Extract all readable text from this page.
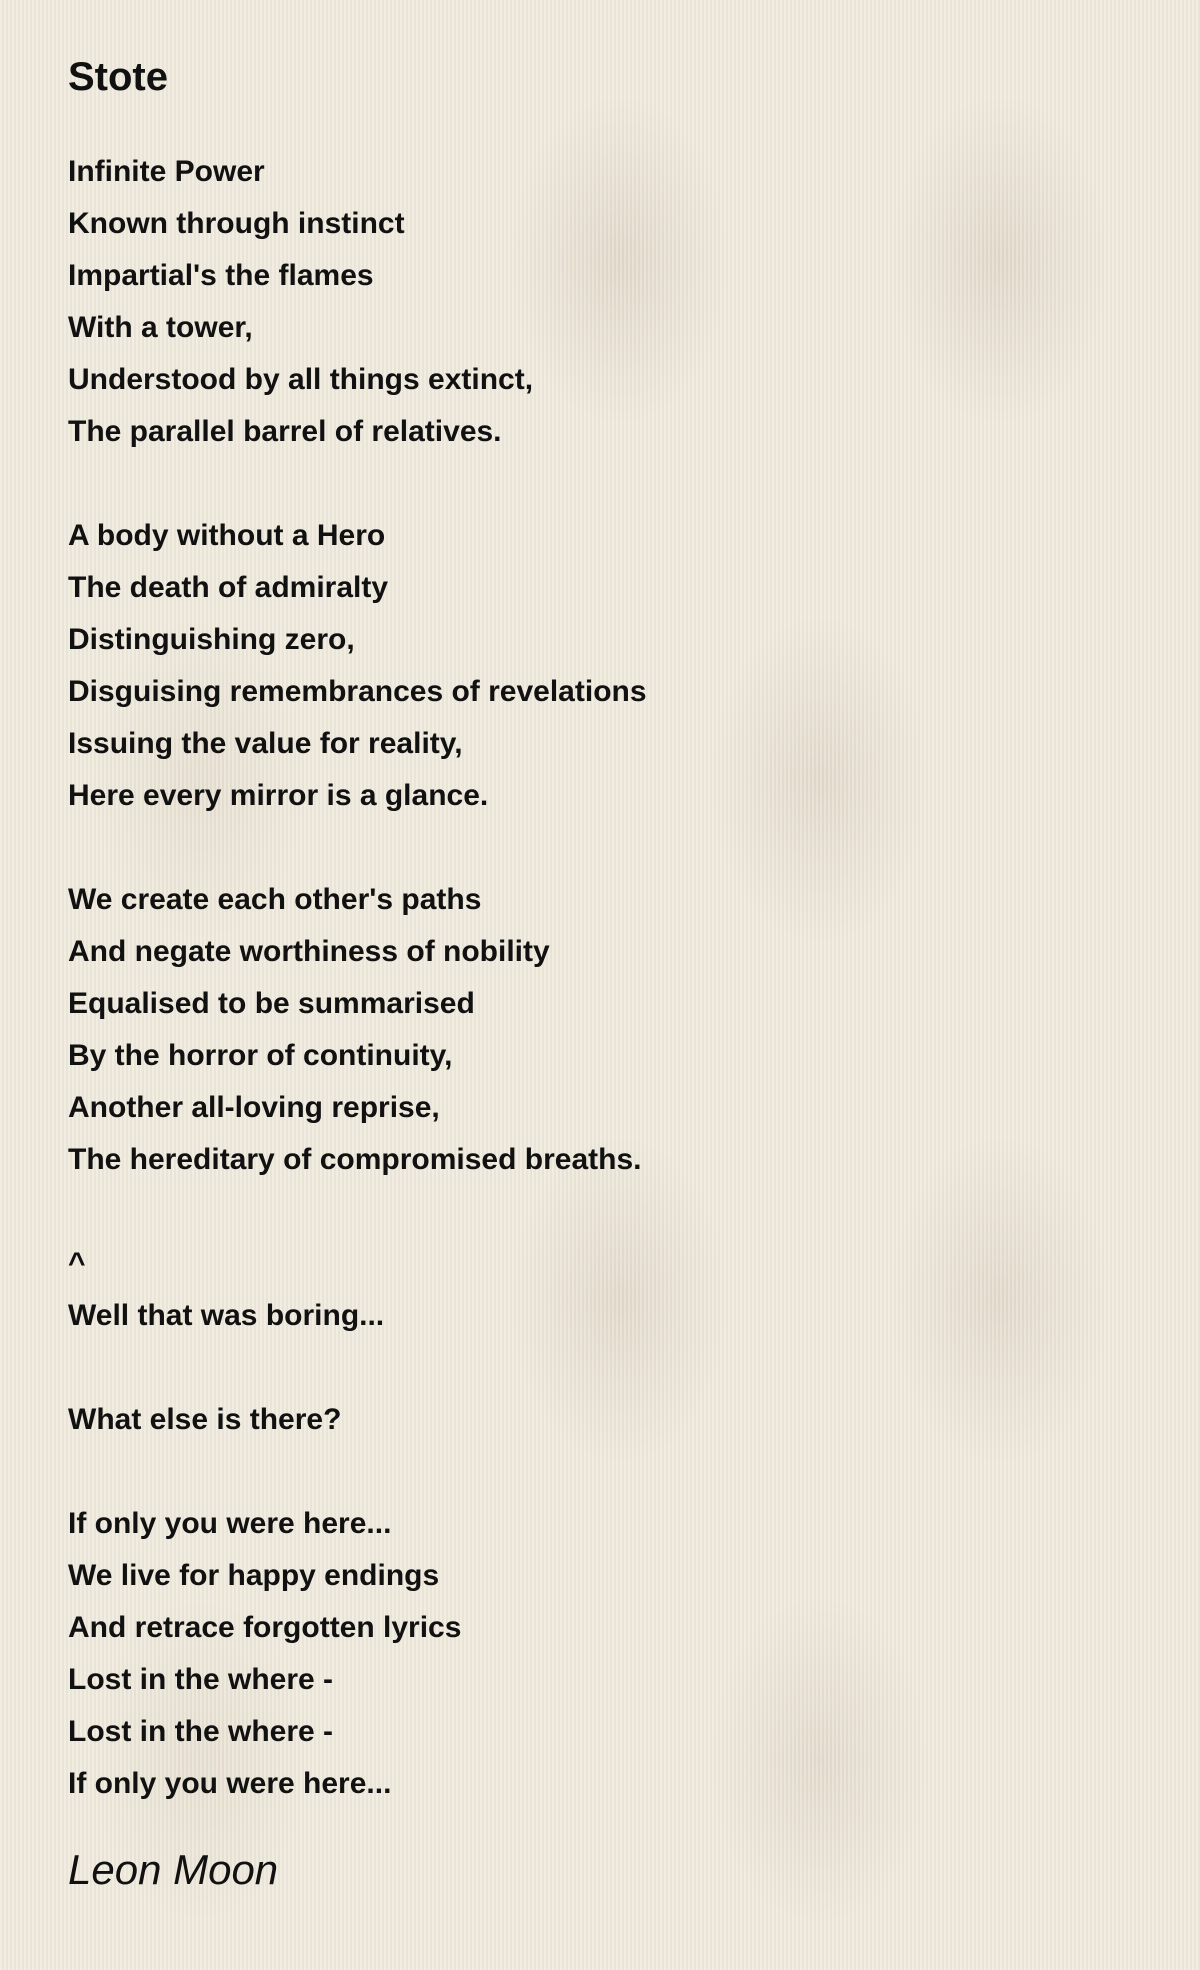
Stote
Infinite Power
Known through instinct
Impartial's the flames
With a tower,
Understood by all things extinct,
The parallel barrel of relatives.
A body without a Hero
The death of admiralty
Distinguishing zero,
Disguising remembrances of revelations
Issuing the value for reality,
Here every mirror is a glance.
We create each other's paths
And negate worthiness of nobility
Equalised to be summarised
By the horror of continuity,
Another all-loving reprise,
The hereditary of compromised breaths.
^
Well that was boring...
What else is there?
If only you were here...
We live for happy endings
And retrace forgotten lyrics
Lost in the where -
Lost in the where -
If only you were here...
Leon Moon
